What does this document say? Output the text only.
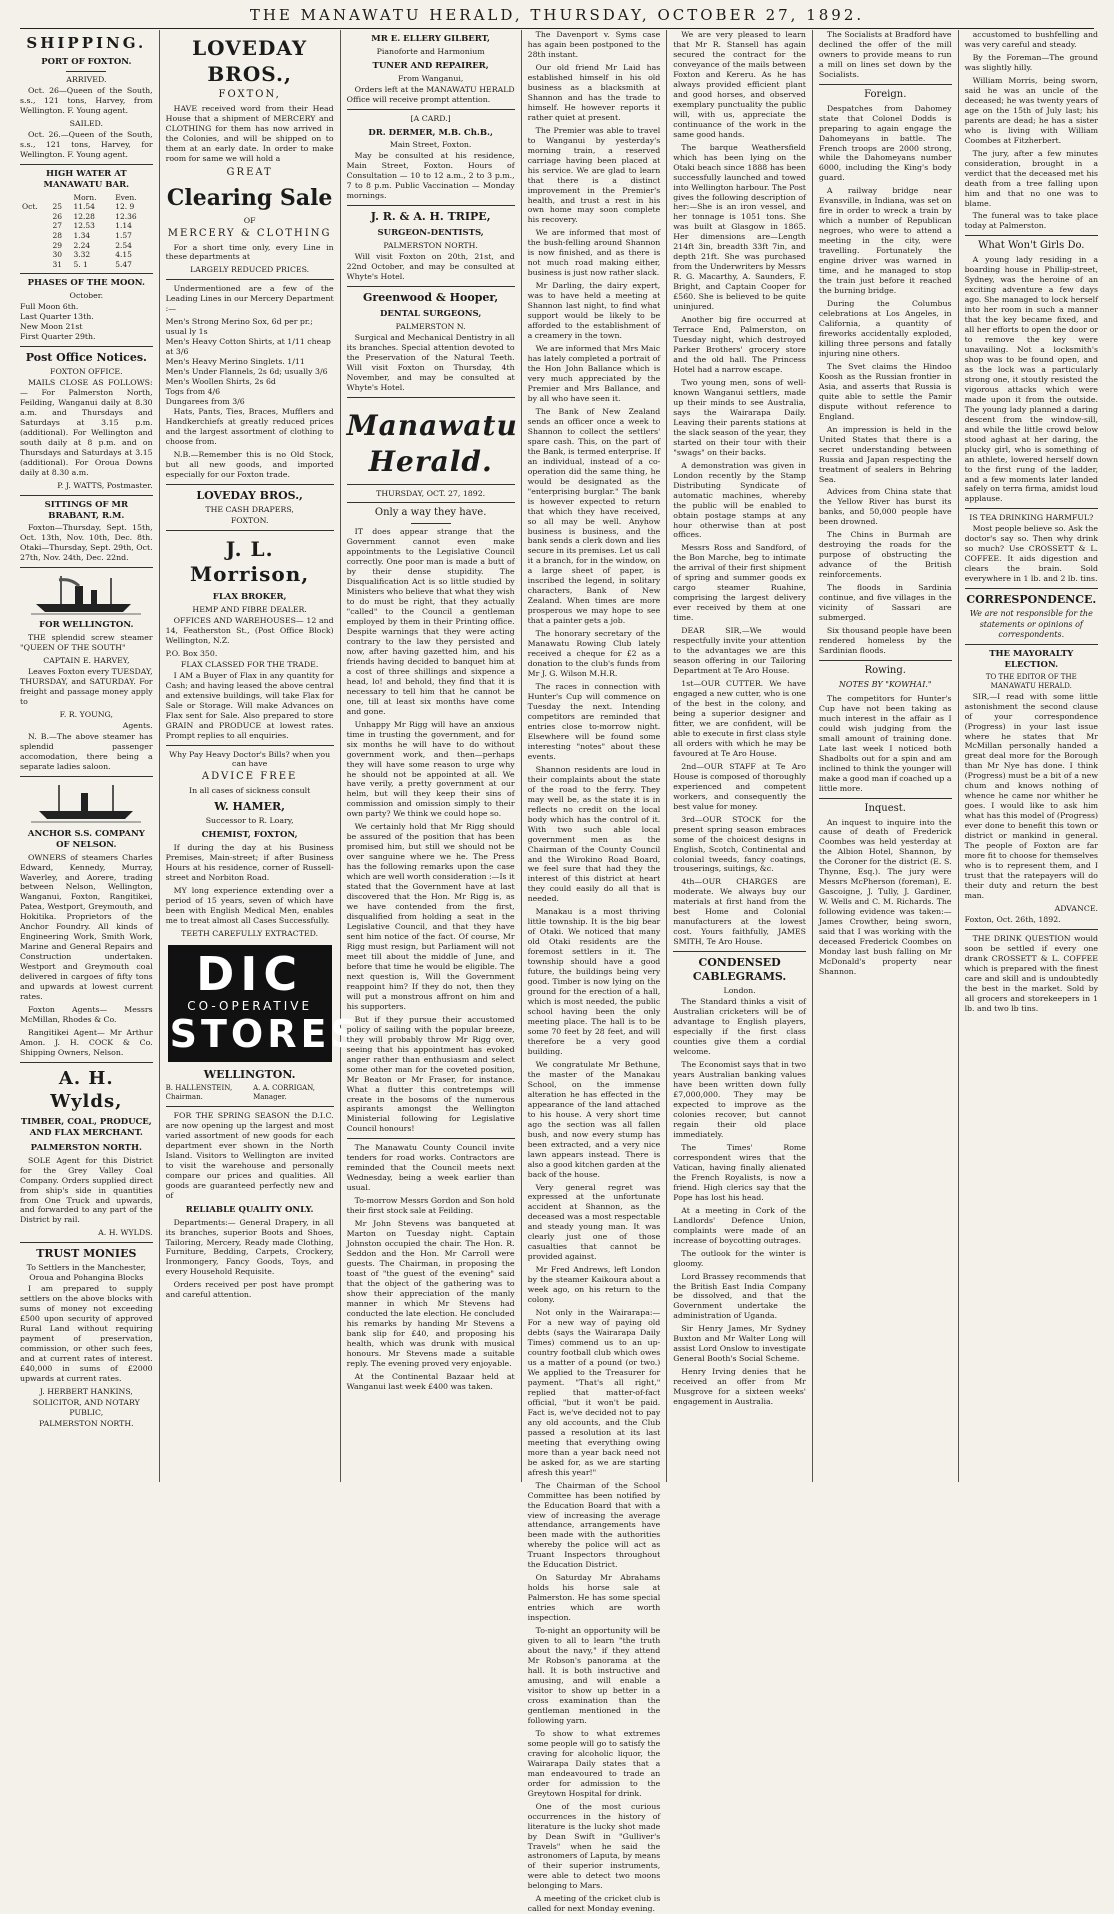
THE MANAWATU HERALD, THURSDAY, OCTOBER 27, 1892.
SHIPPING.
PORT OF FOXTON.
ARRIVED.
Oct. 26—Queen of the South, s.s., 121 tons, Harvey, from Wellington. F. Young agent.
SAILED.
Oct. 26.—Queen of the South, s.s., 121 tons, Harvey, for Wellington. F. Young agent.
HIGH WATER AT MANAWATU BAR.
		Morn.	Even.
Oct.	25	11.54	12. 9
	26	12.28	12.36
	27	12.53	1.14
	28	1.34	1.57
	29	2.24	2.54
	30	3.32	4.15
	31	5. 1	5.47
PHASES OF THE MOON.
October.
Full Moon 6th.
Last Quarter 13th.
New Moon 21st
First Quarter 29th.
Post Office Notices.
FOXTON OFFICE.
MAILS CLOSE AS FOLLOWS:— For Palmerston North, Feilding, Wanganui daily at 8.30 a.m. and Thursdays and Saturdays at 3.15 p.m. (additional). For Wellington and south daily at 8 p.m. and on Thursdays and Saturdays at 3.15 (additional). For Oroua Downs daily at 8.30 a.m.
P. J. WATTS, Postmaster.
SITTINGS OF MR BRABANT, R.M.
Foxton—Thursday, Sept. 15th, Oct. 13th, Nov. 10th, Dec. 8th. Otaki—Thursday, Sept. 29th, Oct. 27th, Nov. 24th, Dec. 22nd.
FOR WELLINGTON.
THE splendid screw steamer "QUEEN OF THE SOUTH"
CAPTAIN E. HARVEY,
Leaves Foxton every TUESDAY, THURSDAY, and SATURDAY. For freight and passage money apply to
F. R. YOUNG,
Agents.
N. B.—The above steamer has splendid passenger accomodation, there being a separate ladies saloon.
ANCHOR S.S. COMPANY OF NELSON.
OWNERS of steamers Charles Edward, Kennedy, Murray, Waverley, and Aorere, trading between Nelson, Wellington, Wanganui, Foxton, Rangitikei, Patea, Westport, Greymouth, and Hokitika. Proprietors of the Anchor Foundry. All kinds of Engineering Work, Smith Work, Marine and General Repairs and Construction undertaken. Westport and Greymouth coal delivered in cargoes of fifty tons and upwards at lowest current rates.
Foxton Agents— Messrs McMillan, Rhodes & Co.
Rangitikei Agent— Mr Arthur Amon. J. H. COCK & Co. Shipping Owners, Nelson.
A. H. Wylds,
TIMBER, COAL, PRODUCE, AND FLAX MERCHANT.
PALMERSTON NORTH.
SOLE Agent for this District for the Grey Valley Coal Company. Orders supplied direct from ship's side in quantities from One Truck and upwards, and forwarded to any part of the District by rail.
A. H. WYLDS.
TRUST MONIES
To Settlers in the Manchester, Oroua and Pohangina Blocks
I am prepared to supply settlers on the above blocks with sums of money not exceeding £500 upon security of approved Rural Land without requiring payment of preservation, commission, or other such fees, and at current rates of interest. £40,000 in sums of £2000 upwards at current rates.
J. HERBERT HANKINS,
SOLICITOR, AND NOTARY PUBLIC,
PALMERSTON NORTH.
LOVEDAY BROS.,
FOXTON,
HAVE received word from their Head House that a shipment of MERCERY and CLOTHING for them has now arrived in the Colonies, and will be shipped on to them at an early date. In order to make room for same we will hold a
GREAT
Clearing Sale
OF
MERCERY & CLOTHING
For a short time only, every Line in these departments at
LARGELY REDUCED PRICES.
Undermentioned are a few of the Leading Lines in our Mercery Department :—
Men's Strong Merino Sox, 6d per pr.; usual ly 1s
Men's Heavy Cotton Shirts, at 1/11 cheap at 3/6
Men's Heavy Merino Singlets. 1/11
Men's Under Flannels, 2s 6d; usually 3/6
Men's Woollen Shirts, 2s 6d
Togs from 4/6
Dungarees from 3/6
Hats, Pants, Ties, Braces, Mufflers and Handkerchiefs at greatly reduced prices and the largest assortment of clothing to choose from.
N.B.—Remember this is no Old Stock, but all new goods, and imported especially for our Foxton trade.
LOVEDAY BROS.,
THE CASH DRAPERS,
FOXTON.
J. L. Morrison,
FLAX BROKER,
HEMP AND FIBRE DEALER.
OFFICES AND WAREHOUSES— 12 and 14, Featherston St., (Post Office Block) Wellington, N.Z.
P.O. Box 350.
FLAX CLASSED FOR THE TRADE.
I AM a Buyer of Flax in any quantity for Cash; and having leased the above central and extensive buildings, will take Flax for Sale or Storage. Will make Advances on Flax sent for Sale. Also prepared to store GRAIN and PRODUCE at lowest rates. Prompt replies to all enquiries.
Why Pay Heavy Doctor's Bills? when you can have
ADVICE FREE
In all cases of sickness consult
W. HAMER,
Successor to R. Loary,
CHEMIST, FOXTON,
If during the day at his Business Premises, Main-street; if after Business Hours at his residence, corner of Russell-street and Norbiton Road.
MY long experience extending over a period of 15 years, seven of which have been with English Medical Men, enables me to treat almost all Cases Successfully.
TEETH CAREFULLY EXTRACTED.
DIC
CO-OPERATIVE
STORES
WELLINGTON.
B. HALLENSTEIN, Chairman.
A. A. CORRIGAN, Manager.
FOR THE SPRING SEASON the D.I.C. are now opening up the largest and most varied assortment of new goods for each department ever shown in the North Island. Visitors to Wellington are invited to visit the warehouse and personally compare our prices and qualities. All goods are guaranteed perfectly new and of
RELIABLE QUALITY ONLY.
Departments:— General Drapery, in all its branches, superior Boots and Shoes, Tailoring, Mercery, Ready made Clothing, Furniture, Bedding, Carpets, Crockery, Ironmongery, Fancy Goods, Toys, and every Household Requisite.
Orders received per post have prompt and careful attention.
MR E. ELLERY GILBERT,
Pianoforte and Harmonium
TUNER AND REPAIRER,
From Wanganui,
Orders left at the MANAWATU HERALD Office will receive prompt attention.
[A CARD.]
DR. DERMER, M.B. Ch.B.,
Main Street, Foxton.
May be consulted at his residence, Main Street, Foxton. Hours of Consultation — 10 to 12 a.m., 2 to 3 p.m., 7 to 8 p.m. Public Vaccination — Monday mornings.
J. R. & A. H. TRIPE,
SURGEON-DENTISTS,
PALMERSTON NORTH.
Will visit Foxton on 20th, 21st, and 22nd October, and may be consulted at Whyte's Hotel.
Greenwood & Hooper,
DENTAL SURGEONS,
PALMERSTON N.
Surgical and Mechanical Dentistry in all its branches. Special attention devoted to the Preservation of the Natural Teeth. Will visit Foxton on Thursday, 4th November, and may be consulted at Whyte's Hotel.
Manawatu Herald.
THURSDAY, OCT. 27, 1892.
Only a way they have.
IT does appear strange that the Government cannot even make appointments to the Legislative Council correctly. One poor man is made a butt of by their dense stupidity. The Disqualification Act is so little studied by Ministers who believe that what they wish to do must be right, that they actually "called" to the Council a gentleman employed by them in their Printing office. Despite warnings that they were acting contrary to the law they persisted and now, after having gazetted him, and his friends having decided to banquet him at a cost of three shillings and sixpence a head, lo! and behold, they find that it is necessary to tell him that he cannot be one, till at least six months have come and gone.
Unhappy Mr Rigg will have an anxious time in trusting the government, and for six months he will have to do without government work, and then—perhaps they will have some reason to urge why he should not be appointed at all. We have verily, a pretty government at our helm, but will they keep their sins of commission and omission simply to their own party? We think we could hope so.
We certainly hold that Mr Rigg should be assured of the position that has been promised him, but still we should not be over sanguine where we he. The Press has the following remarks upon the case which are well worth consideration :—Is it stated that the Government have at last discovered that the Hon. Mr Rigg is, as we have contended from the first, disqualified from holding a seat in the Legislative Council, and that they have sent him notice of the fact. Of course, Mr Rigg must resign, but Parliament will not meet till about the middle of June, and before that time he would be eligible. The next question is, Will the Government reappoint him? If they do not, then they will put a monstrous affront on him and his supporters.
But if they pursue their accustomed policy of sailing with the popular breeze, they will probably throw Mr Rigg over, seeing that his appointment has evoked anger rather than enthusiasm and select some other man for the coveted position, Mr Beaton or Mr Fraser, for instance. What a flutter this contretemps will create in the bosoms of the numerous aspirants amongst the Wellington Ministerial following for Legislative Council honours!
The Manawatu County Council invite tenders for road works. Contractors are reminded that the Council meets next Wednesday, being a week earlier than usual.
To-morrow Messrs Gordon and Son hold their first stock sale at Feilding.
Mr John Stevens was banqueted at Marton on Tuesday night. Captain Johnston occupied the chair. The Hon. R. Seddon and the Hon. Mr Carroll were guests. The Chairman, in proposing the toast of "the guest of the evening" said that the object of the gathering was to show their appreciation of the manly manner in which Mr Stevens had conducted the late election. He concluded his remarks by handing Mr Stevens a bank slip for £40, and proposing his health, which was drunk with musical honours. Mr Stevens made a suitable reply. The evening proved very enjoyable.
At the Continental Bazaar held at Wanganui last week £400 was taken.
The Davenport v. Syms case has again been postponed to the 28th instant.
Our old friend Mr Laid has established himself in his old business as a blacksmith at Shannon and has the trade to himself. He however reports it rather quiet at present.
The Premier was able to travel to Wanganui by yesterday's morning train, a reserved carriage having been placed at his service. We are glad to learn that there is a distinct improvement in the Premier's health, and trust a rest in his own home may soon complete his recovery.
We are informed that most of the bush-felling around Shannon is now finished, and as there is not much road making either, business is just now rather slack.
Mr Darling, the dairy expert, was to have held a meeting at Shannon last night, to find what support would be likely to be afforded to the establishment of a creamery in the town.
We are informed that Mrs Maic has lately completed a portrait of the Hon John Ballance which is very much appreciated by the Premier and Mrs Ballance, and by all who have seen it.
The Bank of New Zealand sends an officer once a week to Shannon to collect the settlers' spare cash. This, on the part of the Bank, is termed enterprise. If an individual, instead of a co-operation did the same thing, he would be designated as the "enterprising burglar." The bank is however expected to return that which they have received, so all may be well. Anyhow business is business, and the bank sends a clerk down and lies secure in its premises. Let us call it a branch, for in the window, on a large sheet of paper, is inscribed the legend, in solitary characters, Bank of New Zealand. When times are more prosperous we may hope to see that a painter gets a job.
The honorary secretary of the Manawatu Rowing Club lately received a cheque for £2 as a donation to the club's funds from Mr J. G. Wilson M.H.R.
The races in connection with Hunter's Cup will commence on Tuesday the next. Intending competitors are reminded that entries close to-morrow night. Elsewhere will be found some interesting "notes" about these events.
Shannon residents are loud in their complaints about the state of the road to the ferry. They may well be, as the state it is in reflects no credit on the local body which has the control of it. With two such able local government men as the Chairman of the County Council and the Wirokino Road Board, we feel sure that had they the interest of this district at heart they could easily do all that is needed.
Manakau is a most thriving little township. It is the big bear of Otaki. We noticed that many old Otaki residents are the foremost settlers in it. The township should have a good future, the buildings being very good. Timber is now lying on the ground for the erection of a hall, which is most needed, the public school having been the only meeting place. The hall is to be some 70 feet by 28 feet, and will therefore be a very good building.
We congratulate Mr Bethune, the master of the Manakau School, on the immense alteration he has effected in the appearance of the land attached to his house. A very short time ago the section was all fallen bush, and now every stump has been extracted, and a very nice lawn appears instead. There is also a good kitchen garden at the back of the house.
Very general regret was expressed at the unfortunate accident at Shannon, as the deceased was a most respectable and steady young man. It was clearly just one of those casualties that cannot be provided against.
Mr Fred Andrews, left London by the steamer Kaikoura about a week ago, on his return to the colony.
Not only in the Wairarapa:—For a new way of paying old debts (says the Wairarapa Daily Times) commend us to an up-country football club which owes us a matter of a pound (or two.) We applied to the Treasurer for payment. "That's all right," replied that matter-of-fact official, "but it won't be paid. Fact is, we've decided not to pay any old accounts, and the Club passed a resolution at its last meeting that everything owing more than a year back need not be asked for, as we are starting afresh this year!"
The Chairman of the School Committee has been notified by the Education Board that with a view of increasing the average attendance, arrangements have been made with the authorities whereby the police will act as Truant Inspectors throughout the Education District.
On Saturday Mr Abrahams holds his horse sale at Palmerston. He has some special entries which are worth inspection.
To-night an opportunity will be given to all to learn "the truth about the navy," if they attend Mr Robson's panorama at the hall. It is both instructive and amusing, and will enable a visitor to show up better in a cross examination than the gentleman mentioned in the following yarn.
To show to what extremes some people will go to satisfy the craving for alcoholic liquor, the Wairarapa Daily states that a man endeavoured to trade an order for admission to the Greytown Hospital for drink.
One of the most curious occurrences in the history of literature is the lucky shot made by Dean Swift in "Gulliver's Travels" when he said the astronomers of Laputa, by means of their superior instruments, were able to detect two moons belonging to Mars.
A meeting of the cricket club is called for next Monday evening.
We are very pleased to learn that Mr R. Stansell has again secured the contract for the conveyance of the mails between Foxton and Kereru. As he has always provided efficient plant and good horses, and observed exemplary punctuality the public will, with us, appreciate the continuance of the work in the same good hands.
The barque Weathersfield which has been lying on the Otaki beach since 1888 has been successfully launched and towed into Wellington harbour. The Post gives the following description of her:—She is an iron vessel, and her tonnage is 1051 tons. She was built at Glasgow in 1865. Her dimensions are—Length 214ft 3in, breadth 33ft 7in, and depth 21ft. She was purchased from the Underwriters by Messrs R. G. Macarthy, A. Saunders, F. Bright, and Captain Cooper for £560. She is believed to be quite uninjured.
Another big fire occurred at Terrace End, Palmerston, on Tuesday night, which destroyed Parker Brothers' grocery store and the old hall. The Princess Hotel had a narrow escape.
Two young men, sons of well-known Wanganui settlers, made up their minds to see Australia, says the Wairarapa Daily. Leaving their parents stations at the slack season of the year, they started on their tour with their "swags" on their backs.
A demonstration was given in London recently by the Stamp Distributing Syndicate of automatic machines, whereby the public will be enabled to obtain postage stamps at any hour otherwise than at post offices.
Messrs Ross and Sandford, of the Bon Marche, beg to intimate the arrival of their first shipment of spring and summer goods ex cargo steamer Ruahine, comprising the largest delivery ever received by them at one time.
DEAR SIR,—We would respectfully invite your attention to the advantages we are this season offering in our Tailoring Department at Te Aro House.
1st—OUR CUTTER. We have engaged a new cutter, who is one of the best in the colony, and being a superior designer and fitter, we are confident, will be able to execute in first class style all orders with which he may be favoured at Te Aro House.
2nd—OUR STAFF at Te Aro House is composed of thoroughly experienced and competent workers, and consequently the best value for money.
3rd—OUR STOCK for the present spring season embraces some of the choicest designs in English, Scotch, Continental and colonial tweeds, fancy coatings, trouserings, suitings, &c.
4th—OUR CHARGES are moderate. We always buy our materials at first hand from the best Home and Colonial manufacturers at the lowest cost. Yours faithfully, JAMES SMITH, Te Aro House.
CONDENSED CABLEGRAMS.
London.
The Standard thinks a visit of Australian cricketers will be of advantage to English players, especially if the first class counties give them a cordial welcome.
The Economist says that in two years Australian banking values have been written down fully £7,000,000. They may be expected to improve as the colonies recover, but cannot regain their old place immediately.
The Times' Rome correspondent wires that the Vatican, having finally alienated the French Royalists, is now a friend. High clerics say that the Pope has lost his head.
At a meeting in Cork of the Landlords' Defence Union, complaints were made of an increase of boycotting outrages.
The outlook for the winter is gloomy.
Lord Brassey recommends that the British East India Company be dissolved, and that the Government undertake the administration of Uganda.
Sir Henry James, Mr Sydney Buxton and Mr Walter Long will assist Lord Onslow to investigate General Booth's Social Scheme.
Henry Irving denies that he received an offer from Mr Musgrove for a sixteen weeks' engagement in Australia.
The Socialists at Bradford have declined the offer of the mill owners to provide means to run a mill on lines set down by the Socialists.
Foreign.
Despatches from Dahomey state that Colonel Dodds is preparing to again engage the Dahomeyans in battle. The French troops are 2000 strong, while the Dahomeyans number 6000, including the King's body guard.
A railway bridge near Evansville, in Indiana, was set on fire in order to wreck a train by which a number of Republican negroes, who were to attend a meeting in the city, were travelling. Fortunately the engine driver was warned in time, and he managed to stop the train just before it reached the burning bridge.
During the Columbus celebrations at Los Angeles, in California, a quantity of fireworks accidentally exploded, killing three persons and fatally injuring nine others.
The Svet claims the Hindoo Koosh as the Russian frontier in Asia, and asserts that Russia is quite able to settle the Pamir dispute without reference to England.
An impression is held in the United States that there is a secret understanding between Russia and Japan respecting the treatment of sealers in Behring Sea.
Advices from China state that the Yellow River has burst its banks, and 50,000 people have been drowned.
The Chins in Burmah are destroying the roads for the purpose of obstructing the advance of the British reinforcements.
The floods in Sardinia continue, and five villages in the vicinity of Sassari are submerged.
Six thousand people have been rendered homeless by the Sardinian floods.
Rowing.
NOTES BY "KOWHAI."
The competitors for Hunter's Cup have not been taking as much interest in the affair as I could wish judging from the small amount of training done. Late last week I noticed both Shadbolts out for a spin and am inclined to think the younger will make a good man if coached up a little more.
Inquest.
An inquest to inquire into the cause of death of Frederick Coombes was held yesterday at the Albion Hotel, Shannon, by the Coroner for the district (E. S. Thynne, Esq.). The jury were Messrs McPherson (foreman), E. Gascoigne, J. Tully, J. Gardiner, W. Wells and C. M. Richards. The following evidence was taken:— James Crowther, being sworn, said that I was working with the deceased Frederick Coombes on Monday last bush falling on Mr McDonald's property near Shannon.
accustomed to bushfelling and was very careful and steady.
By the Foreman—The ground was slightly hilly.
William Morris, being sworn, said he was an uncle of the deceased; he was twenty years of age on the 15th of July last; his parents are dead; he has a sister who is living with William Coombes at Fitzherbert.
The jury, after a few minutes consideration, brought in a verdict that the deceased met his death from a tree falling upon him and that no one was to blame.
The funeral was to take place today at Palmerston.
What Won't Girls Do.
A young lady residing in a boarding house in Phillip-street, Sydney, was the heroine of an exciting adventure a few days ago. She managed to lock herself into her room in such a manner that the key became fixed, and all her efforts to open the door or to remove the key were unavailing. Not a locksmith's shop was to be found open, and as the lock was a particularly strong one, it stoutly resisted the vigorous attacks which were made upon it from the outside. The young lady planned a daring descent from the window-sill, and while the little crowd below stood aghast at her daring, the plucky girl, who is something of an athlete, lowered herself down to the first rung of the ladder, and a few moments later landed safely on terra firma, amidst loud applause.
IS TEA DRINKING HARMFUL?
Most people believe so. Ask the doctor's say so. Then why drink so much? Use CROSSETT & L. COFFEE. It aids digestion and clears the brain. Sold everywhere in 1 lb. and 2 lb. tins.
CORRESPONDENCE.
We are not responsible for the statements or opinions of correspondents.
THE MAYORALTY ELECTION.
TO THE EDITOR OF THE MANAWATU HERALD.
SIR,—I read with some little astonishment the second clause of your correspondence (Progress) in your last issue where he states that Mr McMillan personally handed a great deal more for the Borough than Mr Nye has done. I think (Progress) must be a bit of a new chum and knows nothing of whence he came nor whither he goes. I would like to ask him what has this model of (Progress) ever done to benefit this town or district or mankind in general. The people of Foxton are far more fit to choose for themselves who is to represent them, and I trust that the ratepayers will do their duty and return the best man.
ADVANCE.
Foxton, Oct. 26th, 1892.
THE DRINK QUESTION would soon be settled if every one drank CROSSETT & L. COFFEE which is prepared with the finest care and skill and is undoubtedly the best in the market. Sold by all grocers and storekeepers in 1 lb. and two lb tins.
